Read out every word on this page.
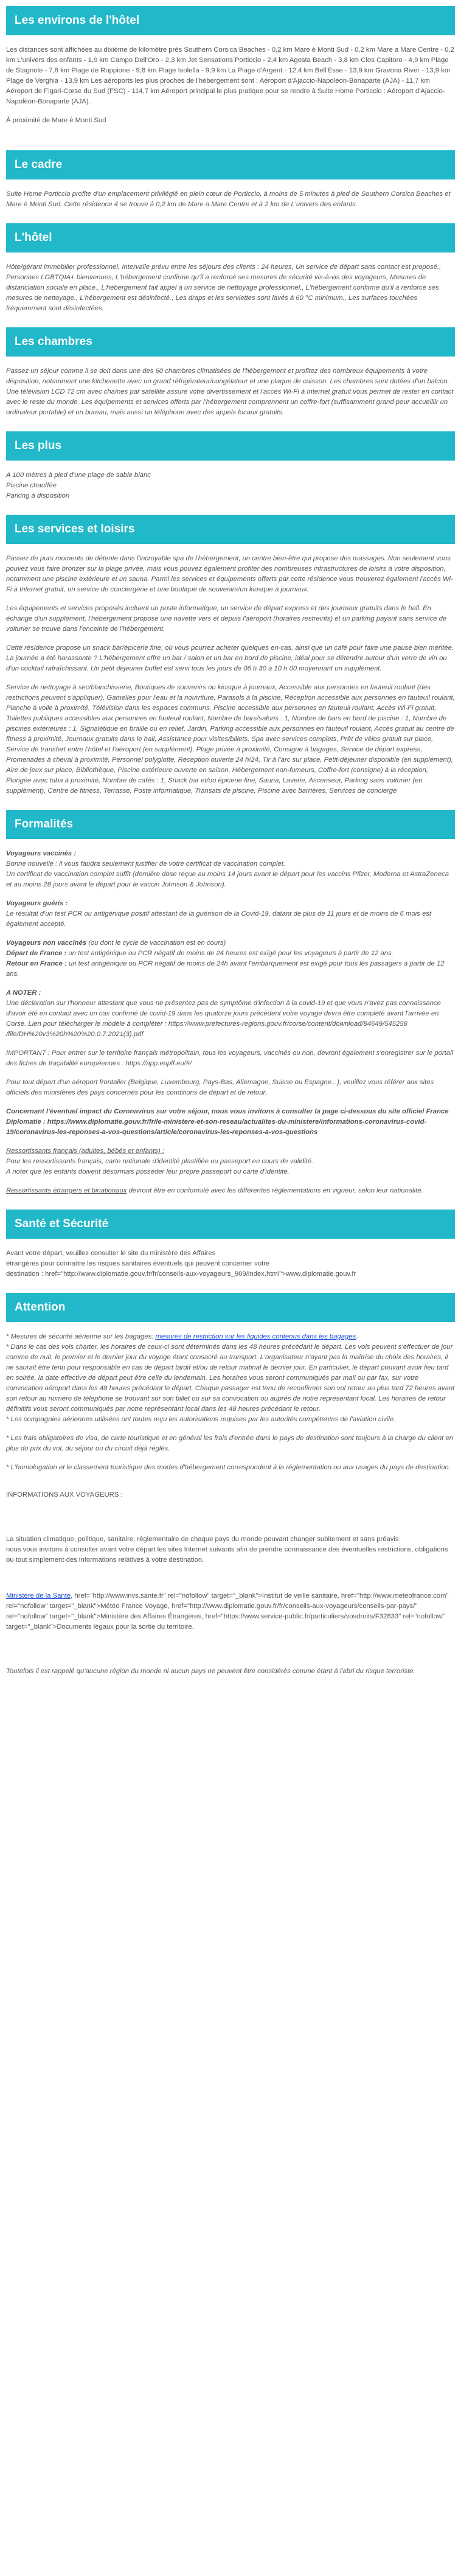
Les environs de l'hôtel

Les distances sont affichées au dixième de kilomètre près Southern Corsica Beaches - 0,2 km Mare è Monti Sud - 0,2 km Mare a Mare Centre - 0,2 km L'univers des enfants - 1,9 km Campo Dell'Oro - 2,3 km Jet Sensations Porticcio - 2,4 km Agosta Beach - 3,8 km Clos Capitoro - 4,9 km Plage de Stagnole - 7,8 km Plage de Ruppione - 9,8 km Plage Isolella - 9,9 km La Plage d'Argent - 12,4 km Bell'Esse - 13,9 km Gravona River - 13,9 km Plage de Verghia - 13,9 km Les aéroports les plus proches de l'hébergement sont : Aéroport d'Ajaccio-Napoléon-Bonaparte (AJA) - 11,7 km Aéroport de Figari-Corse du Sud (FSC) - 114,7 km Aéroport principal le plus pratique pour se rendre à Suite Home Porticcio : Aéroport d'Ajaccio-Napoléon-Bonaparte (AJA).

À proximité de Mare è Monti Sud

Le cadre

Suite Home Porticcio profite d'un emplacement privilégié en plein cœur de Porticcio, à moins de 5 minutes à pied de Southern Corsica Beaches et Mare è Monti Sud. Cette résidence 4 se trouve à 0,2 km de Mare a Mare Centre et à 2 km de L'univers des enfants.

L'hôtel

Hôte/gérant immobilier professionnel, Intervalle prévu entre les séjours des clients : 24 heures, Un service de départ sans contact est proposé., Personnes LGBTQIA+ bienvenues, L'hébergement confirme qu'il a renforcé ses mesures de sécurité vis-à-vis des voyageurs, Mesures de distanciation sociale en place., L'hébergement fait appel à un service de nettoyage professionnel., L'hébergement confirme qu'il a renforcé ses mesures de nettoyage., L'hébergement est désinfecté., Les draps et les serviettes sont lavés à 60 °C minimum., Les surfaces touchées fréquemment sont désinfectées.

Les chambres

Passez un séjour comme il se doit dans une des 60 chambres climatisées de l'hébergement et profitez des nombreux équipements à votre disposition, notamment une kitchenette avec un grand réfrigérateur/congélateur et une plaque de cuisson. Les chambres sont dotées d'un balcon. Une télévision LCD 72 cm avec chaînes par satellite assure votre divertissement et l'accès Wi-Fi à Internet gratuit vous permet de rester en contact avec le reste du monde. Les équipements et services offerts par l'hébergement comprennent un coffre-fort (suffisamment grand pour accueillir un ordinateur portable) et un bureau, mais aussi un téléphone avec des appels locaux gratuits.

Les plus

A 100 mètres à pied d'une plage de sable blanc

Piscine chauffée

Parking à disposition

Les services et loisirs

Passez de purs moments de détente dans l'incroyable spa de l'hébergement, un centre bien-être qui propose des massages. Non seulement vous pouvez vous faire bronzer sur la plage privée, mais vous pouvez également profiter des nombreuses infrastructures de loisirs à votre disposition, notamment une piscine extérieure et un sauna. Parmi les services et équipements offerts par cette résidence vous trouverez également l'accès Wi-Fi à Internet gratuit, un service de conciergerie et une boutique de souvenirs/un kiosque à journaux.

Les équipements et services proposés incluent un poste informatique, un service de départ express et des journaux gratuits dans le hall. En échange d'un supplément, l'hébergement propose une navette vers et depuis l'aéroport (horaires restreints) et un parking payant sans service de voiturier se trouve dans l'enceinte de l'hébergement.

Cette résidence propose un snack bar/épicerie fine, où vous pourrez acheter quelques en-cas, ainsi que un café pour faire une pause bien méritée. La journée a été harassante ? L'hébergement offre un bar / salon et un bar en bord de piscine, idéal pour se détendre autour d'un verre de vin ou d'un cocktail rafraîchissant. Un petit déjeuner buffet est servi tous les jours de 06 h 30 à 10 h 00 moyennant un supplément.

Service de nettoyage à sec/blanchisserie, Boutiques de souvenirs ou kiosque à journaux, Accessible aux personnes en fauteuil roulant (des restrictions peuvent s'appliquer), Gamelles pour l'eau et la nourriture, Parasols à la piscine, Réception accessible aux personnes en fauteuil roulant, Planche à voile à proximité, Télévision dans les espaces communs, Piscine accessible aux personnes en fauteuil roulant, Accès Wi-Fi gratuit, Toilettes publiques accessibles aux personnes en fauteuil roulant, Nombre de bars/salons : 1, Nombre de bars en bord de piscine : 1, Nombre de piscines extérieures : 1, Signalétique en braille ou en relief, Jardin, Parking accessible aux personnes en fauteuil roulant, Accès gratuit au centre de fitness à proximité, Journaux gratuits dans le hall, Assistance pour visites/billets, Spa avec services complets, Prêt de vélos gratuit sur place, Service de transfert entre l'hôtel et l'aéroport (en supplément), Plage privée à proximité, Consigne à bagages, Service de départ express, Promenades à cheval à proximité, Personnel polyglotte, Réception ouverte 24 h/24, Tir à l'arc sur place, Petit-déjeuner disponible (en supplément), Aire de jeux sur place, Bibliothèque, Piscine extérieure ouverte en saison, Hébergement non-fumeurs, Coffre-fort (consigne) à la réception, Plongée avec tuba à proximité, Nombre de cafés : 1, Snack bar et/ou épicerie fine, Sauna, Laverie, Ascenseur, Parking sans voiturier (en supplément), Centre de fitness, Terrasse, Poste informatique, Transats de piscine, Piscine avec barrières, Services de concierge

Formalités

Voyageurs vaccinés :

Bonne nouvelle : il vous faudra seulement justifier de votre certificat de vaccination complet.

Un certificat de vaccination complet suffit (dernière dose reçue au moins 14 jours avant le départ pour les vaccins Pfizer, Moderna et AstraZeneca et au moins 28 jours avant le départ pour le vaccin Johnson & Johnson).

Voyageurs guéris :

Le résultat d'un test PCR ou antigénique positif attestant de la guérison de la Covid-19, datant de plus de 11 jours et de moins de 6 mois est également accepté.

Voyageurs non vaccinés (ou dont le cycle de vaccination est en cours)

Départ de France : un test antigénique ou PCR négatif de moins de 24 heures est exigé pour les voyageurs à partir de 12 ans.

Retour en France : un test antigénique ou PCR négatif de moins de 24h avant l'embarquement est exigé pour tous les passagers à partir de 12 ans.

A NOTER :

Une déclaration sur l'honneur attestant que vous ne présentez pas de symptôme d'infection à la covid-19 et que vous n'avez pas connaissance d'avoir été en contact avec un cas confirmé de covid-19 dans les quatorze jours précédent votre voyage devra être complété avant l'arrivée en Corse. Lien pour télécharger le modèle à compléter : https://www.prefectures-regions.gouv.fr/corse/content/download/84649/545258 /file/DH%20v3%20h%20%20.0.7.2021(3).pdf

IMPORTANT : Pour entrer sur le territoire français métropolitain, tous les voyageurs, vaccinés ou non, devront également s'enregistrer sur le portail des fiches de traçabilité européennes : https://app.euplf.eu/#/

Pour tout départ d'un aéroport frontalier (Belgique, Luxembourg, Pays-Bas, Allemagne, Suisse ou Espagne...), veuillez vous référer aux sites officiels des ministères des pays concernés pour les conditions de départ et de retour.

Concernant l'éventuel impact du Coronavirus sur votre séjour, nous vous invitons à consulter la page ci-dessous du site officiel France Diplomatie : https://www.diplomatie.gouv.fr/fr/le-ministere-et-son-reseau/actualites-du-ministere/informations-coronavirus-covid-19/coronavirus-les-reponses-a-vos-questions/article/coronavirus-les-reponses-a-vos-questions

Ressortissants français (adultes, bébés et enfants) :

Pour les ressortissants français, carte nationale d'identité plastifiée ou passeport en cours de validité.

A noter que les enfants doivent désormais posséder leur propre passeport ou carte d'identité.

Ressortissants étrangers et binationaux devront être en conformité avec les différentes réglementations en vigueur, selon leur nationalité.

Santé et Sécurité

Avant votre départ, veuillez consulter le site du ministère des Affaires

étrangères pour connaître les risques sanitaires éventuels qui peuvent concerner votre

destination : href="http://www.diplomatie.gouv.fr/fr/conseils-aux-voyageurs_909/index.html">www.diplomatie.gouv.fr

Attention

* Mesures de sécurité aérienne sur les bagages: mesures de restriction sur les liquides contenus dans les bagages.

* Dans le cas des vols charter, les horaires de ceux-ci sont déterminés dans les 48 heures précédant le départ. Les vols peuvent s'effectuer de jour comme de nuit, le premier et le dernier jour du voyage étant consacré au transport. L'organisateur n'ayant pas la maîtrise du choix des horaires, il ne saurait être tenu pour responsable en cas de départ tardif et/ou de retour matinal le dernier jour. En particulier, le départ pouvant avoir lieu tard en soirée, la date effective de départ peut être celle du lendemain. Les horaires vous seront communiqués par mail ou par fax, sur votre convocation aéroport dans les 48 heures précédant le départ. Chaque passager est tenu de reconfirmer son vol retour au plus tard 72 heures avant son retour au numéro de téléphone se trouvant sur son billet ou sur sa convocation ou auprès de notre représentant local. Les horaires de retour définitifs vous seront communiqués par notre représentant local dans les 48 heures précédant le retour.

* Les compagnies aériennes utilisées ont toutes reçu les autorisations requises par les autorités compétentes de l'aviation civile.

* Les frais obligatoires de visa, de carte touristique et en général les frais d'entrée dans le pays de destination sont toujours à la charge du client en plus du prix du vol, du séjour ou du circuit déjà réglés.

* L'homologation et le classement touristique des modes d'hébergement correspondent à la réglementation ou aux usages du pays de destination.

INFORMATIONS AUX VOYAGEURS :

La situation climatique, politique, sanitaire, réglementaire de chaque pays du monde pouvant changer subitement et sans préavis

nous vous invitons à consulter avant votre départ les sites Internet suivants afin de prendre connaissance des éventuelles restrictions, obligations ou tout simplement des informations relatives à votre destination.

Ministère de la Santé, href="http://www.invs.sante.fr" rel="nofollow" target="_blank">Institut de veille sanitaire, href="http://www.meteofrance.com" rel="nofollow" target="_blank">Météo France Voyage, href="http://www.diplomatie.gouv.fr/fr/conseils-aux-voyageurs/conseils-par-pays/" rel="nofollow" target="_blank">Ministère des Affaires Étrangères, href="https://www.service-public.fr/particuliers/vosdroits/F32833" rel="nofollow" target="_blank">Documents légaux pour la sortie du territoire.

Toutefois il est rappelé qu'aucune région du monde ni aucun pays ne peuvent être considérés comme étant à l'abri du risque terroriste.
